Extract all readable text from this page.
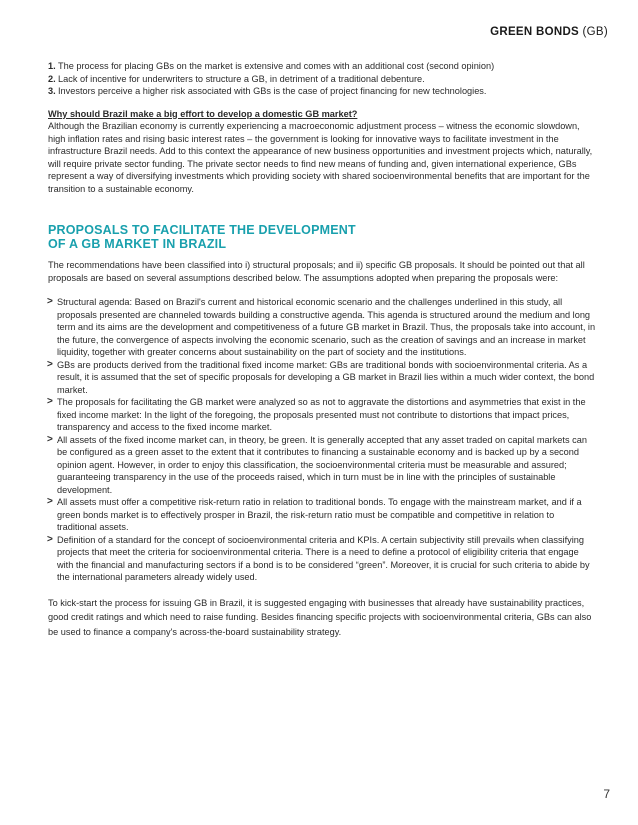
GREEN BONDS (GB)
1. The process for placing GBs on the market is extensive and comes with an additional cost (second opinion)
2. Lack of incentive for underwriters to structure a GB, in detriment of a traditional debenture.
3. Investors perceive a higher risk associated with GBs is the case of project financing for new technologies.

Why should Brazil make a big effort to develop a domestic GB market?

Although the Brazilian economy is currently experiencing a macroeconomic adjustment process – witness the economic slowdown, high inflation rates and rising basic interest rates – the government is looking for innovative ways to facilitate investment in the infrastructure Brazil needs. Add to this context the appearance of new business opportunities and investment projects which, naturally, will require private sector funding. The private sector needs to find new means of funding and, given international experience, GBs represent a way of diversifying investments which providing society with shared socioenvironmental benefits that are important for the transition to a sustainable economy.

PROPOSALS TO FACILITATE THE DEVELOPMENT
OF A GB MARKET IN BRAZIL

The recommendations have been classified into i) structural proposals; and ii) specific GB proposals. It should be pointed out that all proposals are based on several assumptions described below. The assumptions adopted when preparing the proposals were:

> Structural agenda: Based on Brazil's current and historical economic scenario and the challenges underlined in this study, all proposals presented are channeled towards building a constructive agenda. This agenda is structured around the medium and long term and its aims are the development and competitiveness of a future GB market in Brazil. Thus, the proposals take into account, in the future, the convergence of aspects involving the economic scenario, such as the creation of savings and an increase in market liquidity, together with greater concerns about sustainability on the part of society and the institutions.
> GBs are products derived from the traditional fixed income market: GBs are traditional bonds with socioenvironmental criteria. As a result, it is assumed that the set of specific proposals for developing a GB market in Brazil lies within a much wider context, the bond market.
> The proposals for facilitating the GB market were analyzed so as not to aggravate the distortions and asymmetries that exist in the fixed income market: In the light of the foregoing, the proposals presented must not contribute to distortions that impact prices, transparency and access to the fixed income market.
> All assets of the fixed income market can, in theory, be green. It is generally accepted that any asset traded on capital markets can be configured as a green asset to the extent that it contributes to financing a sustainable economy and is backed up by a second opinion agent. However, in order to enjoy this classification, the socioenvironmental criteria must be measurable and assured; guaranteeing transparency in the use of the proceeds raised, which in turn must be in line with the principles of sustainable development.
> All assets must offer a competitive risk-return ratio in relation to traditional bonds. To engage with the mainstream market, and if a green bonds market is to effectively prosper in Brazil, the risk-return ratio must be compatible and competitive in relation to traditional assets.
> Definition of a standard for the concept of socioenvironmental criteria and KPIs. A certain subjectivity still prevails when classifying projects that meet the criteria for socioenvironmental criteria. There is a need to define a protocol of eligibility criteria that engage with the financial and manufacturing sectors if a bond is to be considered “green”. Moreover, it is crucial for such criteria to abide by the international parameters already widely used.

To kick-start the process for issuing GB in Brazil, it is suggested engaging with businesses that already have sustainability practices, good credit ratings and which need to raise funding. Besides financing specific projects with socioenvironmental criteria, GBs can also be used to finance a company's across-the-board sustainability strategy.

7
